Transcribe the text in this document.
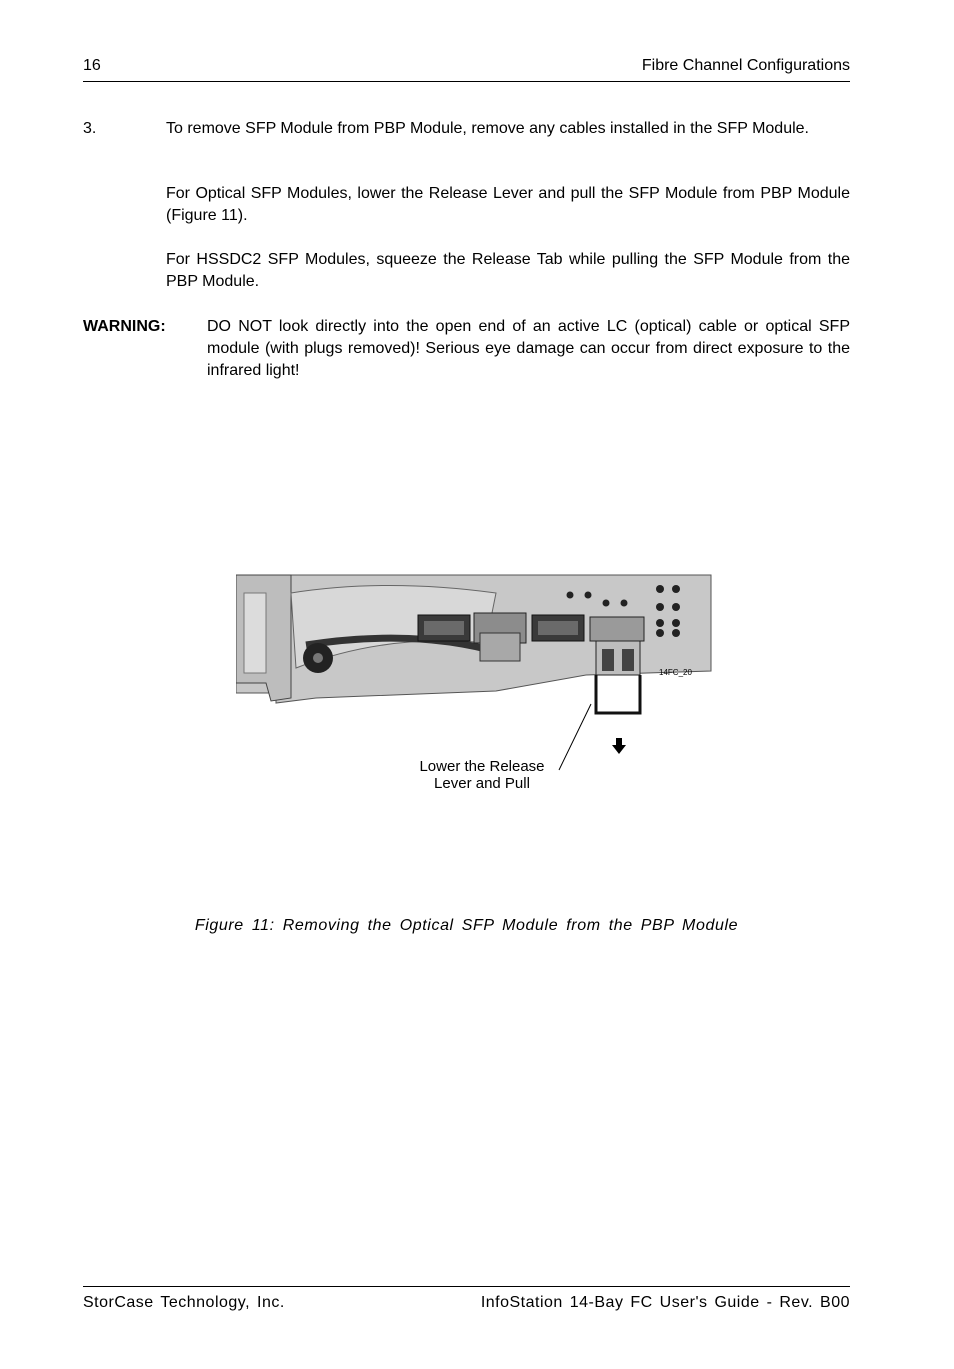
16	Fibre Channel Configurations
3.	To remove SFP Module from PBP Module, remove any cables installed in the SFP Module.
For Optical SFP Modules, lower the Release Lever and pull the SFP Module from PBP Module (Figure 11).
For HSSDC2 SFP Modules, squeeze the Release Tab while pulling the SFP Module from the PBP Module.
WARNING:	DO NOT look directly into the open end of an active LC (optical) cable or optical SFP module (with plugs removed)! Serious eye damage can occur from direct exposure to the infrared light!
14FC_20
Lower the Release
Lever and Pull
Figure 11: Removing the Optical SFP Module from the PBP Module
StorCase Technology, Inc.	InfoStation 14-Bay FC User's Guide - Rev. B00
